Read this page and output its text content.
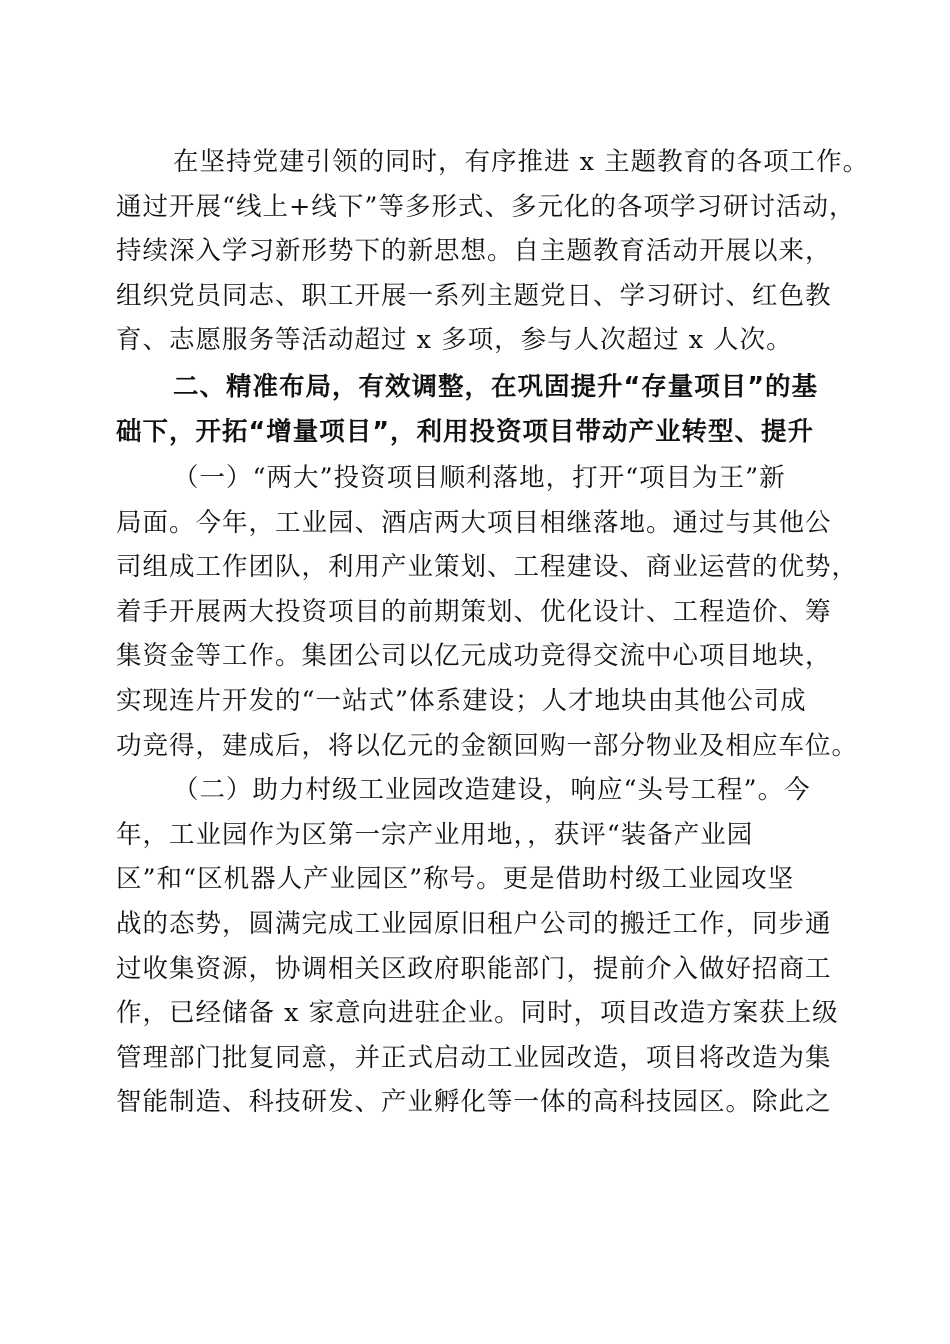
在坚持党建引领的同时，有序推进 x 主题教育的各项工作。
通过开展“线上+线下”等多形式、多元化的各项学习研讨活动，
持续深入学习新形势下的新思想。自主题教育活动开展以来，
组织党员同志、职工开展一系列主题党日、学习研讨、红色教
育、志愿服务等活动超过 x 多项，参与人次超过 x 人次。
二、精准布局，有效调整，在巩固提升“存量项目”的基
础下，开拓“增量项目”，利用投资项目带动产业转型、提升
（一）“两大”投资项目顺利落地，打开“项目为王”新
局面。今年，工业园、酒店两大项目相继落地。通过与其他公
司组成工作团队，利用产业策划、工程建设、商业运营的优势，
着手开展两大投资项目的前期策划、优化设计、工程造价、筹
集资金等工作。集团公司以亿元成功竞得交流中心项目地块，
实现连片开发的“一站式”体系建设；人才地块由其他公司成
功竞得，建成后，将以亿元的金额回购一部分物业及相应车位。
（二）助力村级工业园改造建设，响应“头号工程”。今
年，工业园作为区第一宗产业用地，，获评“装备产业园
区”和“区机器人产业园区”称号。更是借助村级工业园攻坚
战的态势，圆满完成工业园原旧租户公司的搬迁工作，同步通
过收集资源，协调相关区政府职能部门，提前介入做好招商工
作，已经储备 x 家意向进驻企业。同时，项目改造方案获上级
管理部门批复同意，并正式启动工业园改造，项目将改造为集
智能制造、科技研发、产业孵化等一体的高科技园区。除此之
